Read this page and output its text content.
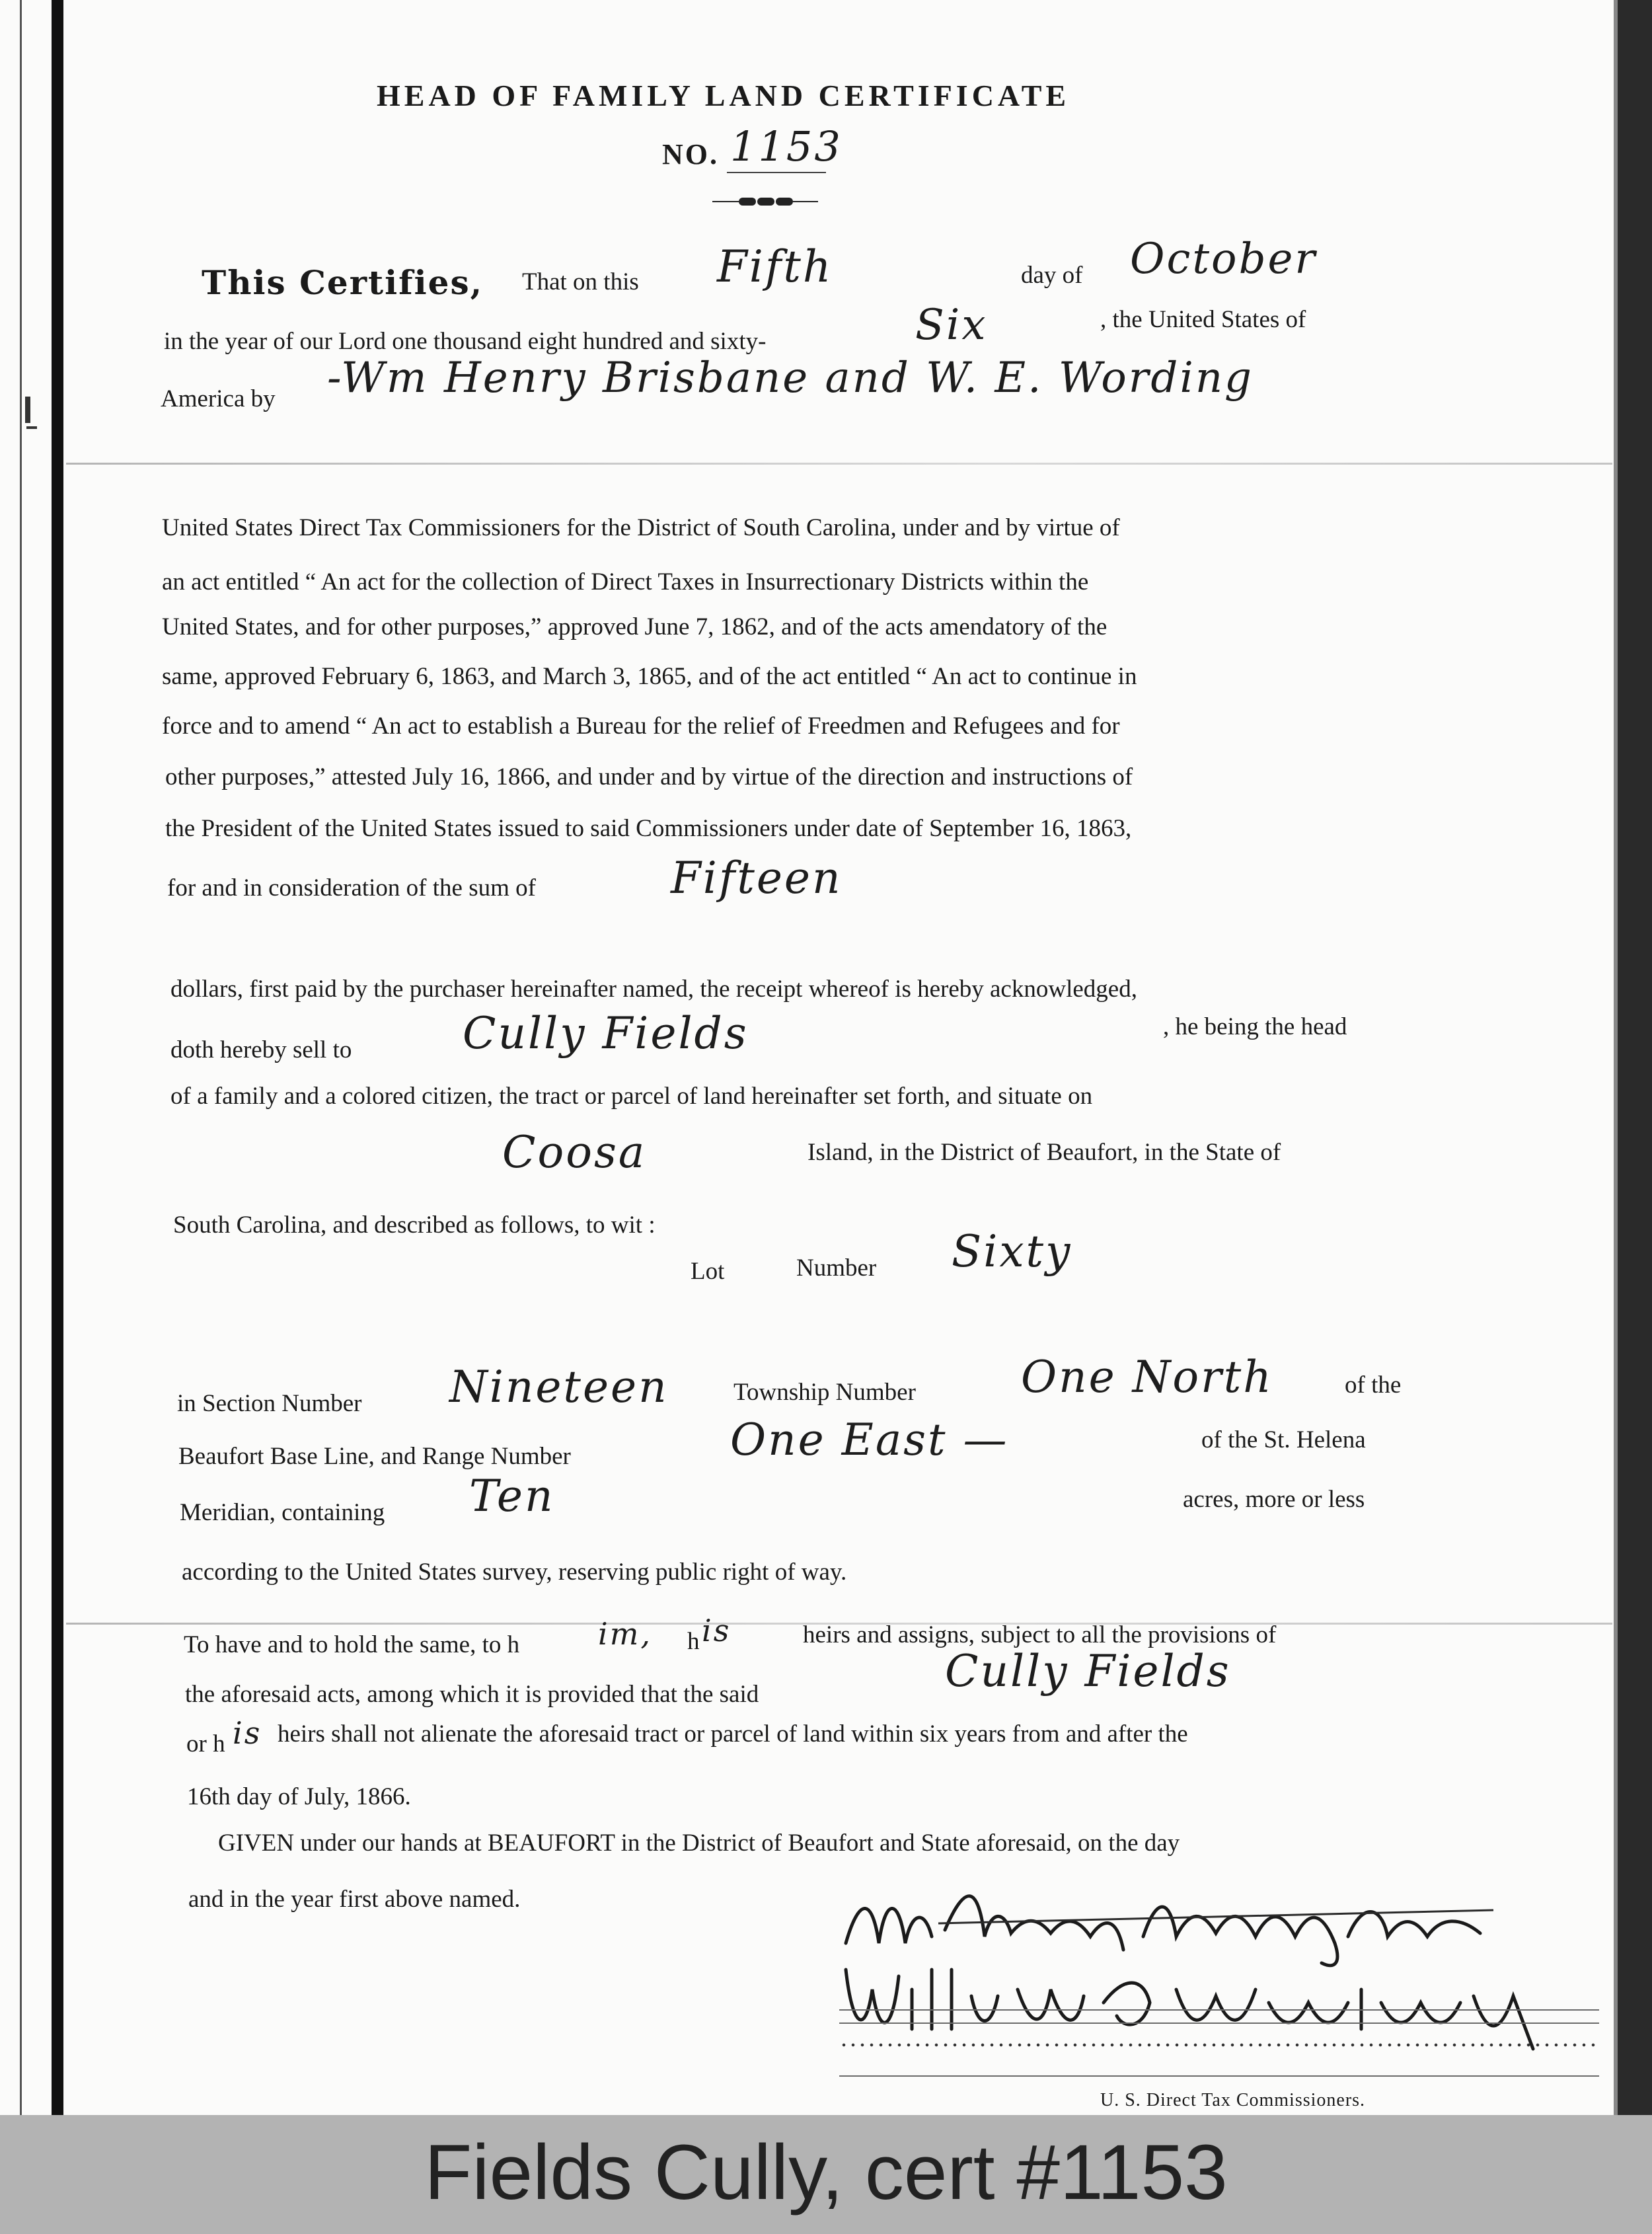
HEAD OF FAMILY LAND CERTIFICATE
NO. 1153
This Certifies, That on this Fifth	day of October
in the year of our Lord one thousand eight hundred and sixty-	Six	, the United States of
America by -Wm Henry Brisbane and W. E. Wording
United States Direct Tax Commissioners for the District of South Carolina, under and by virtue of
an act entitled “ An act for the collection of Direct Taxes in Insurrectionary Districts within the
United States, and for other purposes,” approved June 7, 1862, and of the acts amendatory of the
same, approved February 6, 1863, and March 3, 1865, and of the act entitled “ An act to continue in
force and to amend “ An act to establish a Bureau for the relief of Freedmen and Refugees and for
other purposes,” attested July 16, 1866, and under and by virtue of the direction and instructions of
the President of the United States issued to said Commissioners under date of September 16, 1863,
for and in consideration of the sum of	Fifteen
dollars, first paid by the purchaser hereinafter named, the receipt whereof is hereby acknowledged,
doth hereby sell to	Cully Fields	, he being the head
of a family and a colored citizen, the tract or parcel of land hereinafter set forth, and situate on
Coosa	Island, in the District of Beaufort, in the State of
South Carolina, and described as follows, to wit :
Lot	Number Sixty
in Section Number Nineteen	Township Number One North	of the
Beaufort Base Line, and Range Number	One East —	of the St. Helena
Meridian, containing Ten	acres, more or less
according to the United States survey, reserving public right of way.
To have and to hold the same, to h	im, h is	heirs and assigns, subject to all the provisions of
the aforesaid acts, among which it is provided that the said	Cully Fields
or h is heirs shall not alienate the aforesaid tract or parcel of land within six years from and after the
16th day of July, 1866.
GIVEN under our hands at BEAUFORT in the District of Beaufort and State aforesaid, on the day
and in the year first above named.
U. S. Direct Tax Commissioners.
Fields Cully, cert #1153
